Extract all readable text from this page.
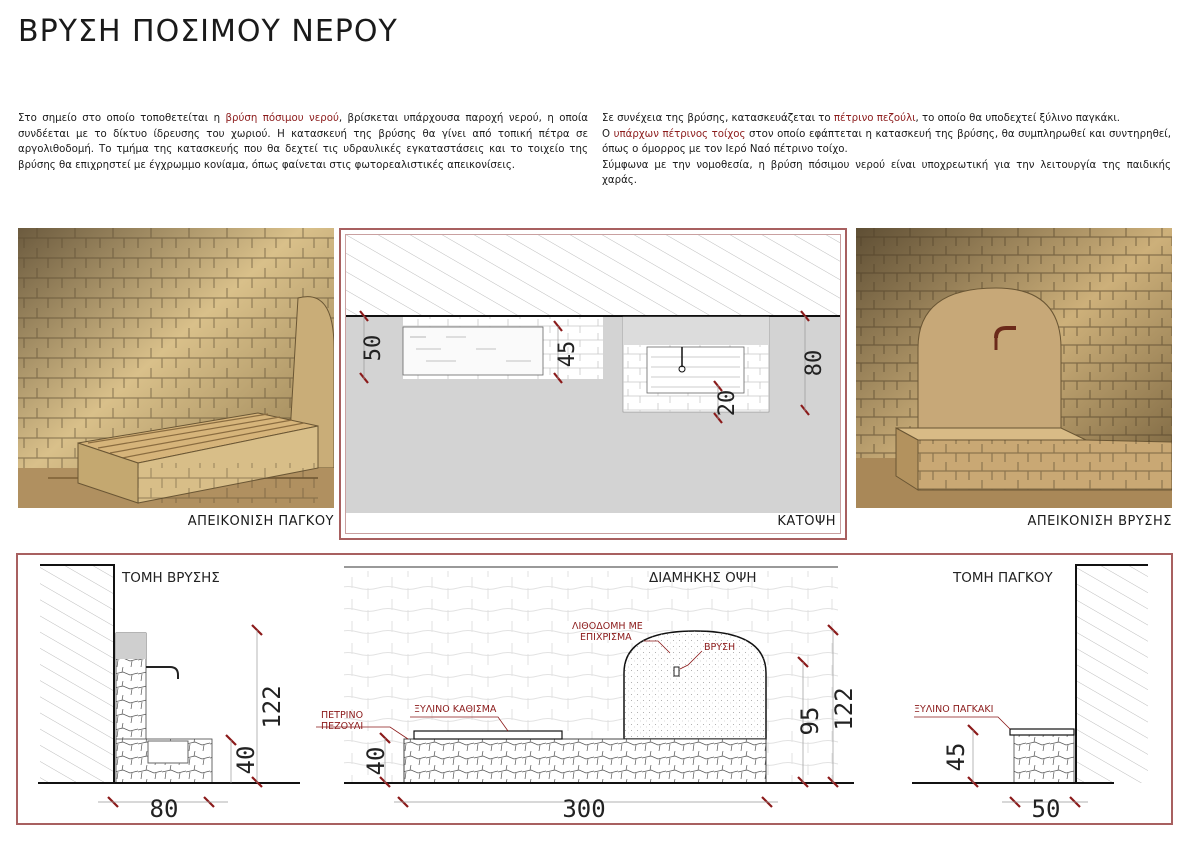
ΒΡΥΣΗ ΠΟΣΙΜΟΥ ΝΕΡΟΥ

Στο σημείο στο οποίο τοποθετείται η βρύση πόσιμου νερού, βρίσκεται υπάρχουσα παροχή νερού, η οποία συνδέεται με το δίκτυο ίδρευσης του χωριού. Η κατασκευή της βρύσης θα γίνει από τοπική πέτρα σε αργολιθοδομή. Το τμήμα της κατασκευής που θα δεχτεί τις υδραυλικές εγκαταστάσεις και το τοιχείο της βρύσης θα επιχρηστεί με έγχρωμμο κονίαμα, όπως φαίνεται στις φωτορεαλιστικές απεικονίσεις.

Σε συνέχεια της βρύσης, κατασκευάζεται το πέτρινο πεζούλι, το οποίο θα υποδεχτεί ξύλινο παγκάκι.

Ο υπάρχων πέτρινος τοίχος στον οποίο εφάπτεται η κατασκευή της βρύσης, θα συμπληρωθεί και συντηρηθεί, όπως ο όμορρος με τον Ιερό Ναό πέτρινο τοίχο.

Σύμφωνα με την νομοθεσία, η βρύση πόσιμου νερού είναι υποχρεωτική για την λειτουργία της παιδικής χαράς.

ΑΠΕΙΚΟΝΙΣΗ ΠΑΓΚΟΥ
50	45
20
80
ΚΑΤΟΨΗ	ΑΠΕΙΚΟΝΙΣΗ ΒΡΥΣΗΣ
ΤΟΜΗ ΒΡΥΣΗΣ
122
40
80
ΔΙΑΜΗΚΗΣ ΟΨΗ
ΛΙΘΟΔΟΜΗ ΜΕ
ΕΠΙΧΡΙΣΜΑ
ΒΡΥΣΗ
ΞΥΛΙΝΟ ΚΑΘΙΣΜΑ
ΠΕΤΡΙΝΟ
ΠΕΖΟΥΛΙ
40
95 122
300
ΤΟΜΗ ΠΑΓΚΟΥ
ΞΥΛΙΝΟ ΠΑΓΚΑΚΙ
45
50
